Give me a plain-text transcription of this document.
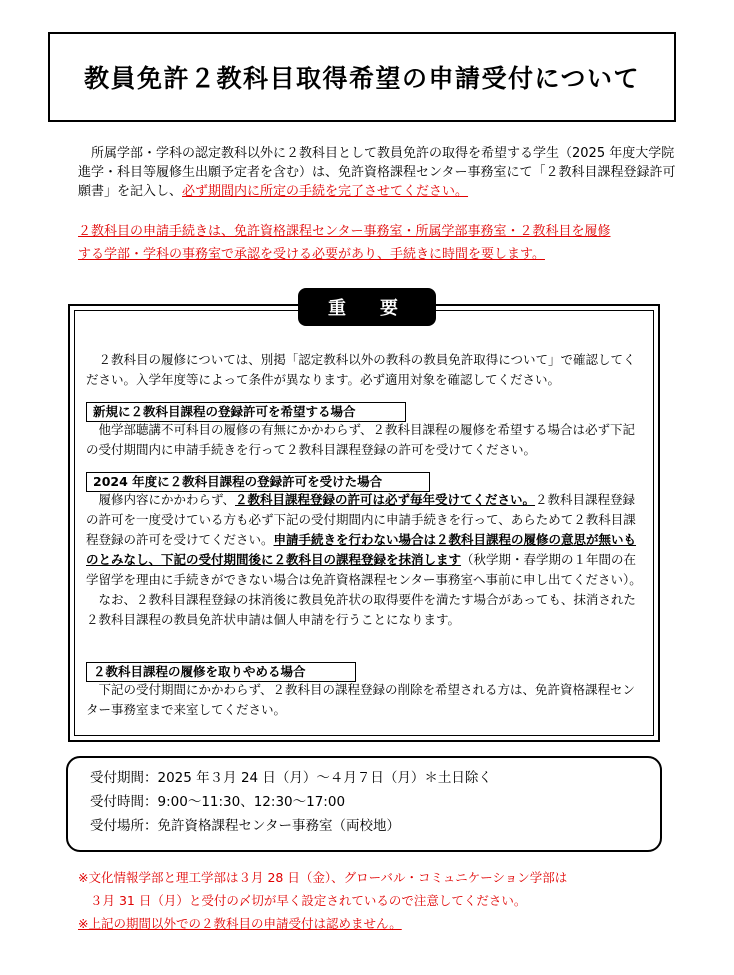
教員免許２教科目取得希望の申請受付について
　所属学部・学科の認定教科以外に２教科目として教員免許の取得を希望する学生（2025 年度大学院進学・科目等履修生出願予定者を含む）は、免許資格課程センター事務室にて「２教科目課程登録許可願書」を記入し、必ず期間内に所定の手続を完了させてください。
２教科目の申請手続きは、免許資格課程センター事務室・所属学部事務室・２教科目を履修
する学部・学科の事務室で承認を受ける必要があり、手続きに時間を要します。
重　要
　２教科目の履修については、別掲「認定教科以外の教科の教員免許取得について」で確認してください。入学年度等によって条件が異なります。必ず適用対象を確認してください。
新規に２教科目課程の登録許可を希望する場合
　他学部聴講不可科目の履修の有無にかかわらず、２教科目課程の履修を希望する場合は必ず下記の受付期間内に申請手続きを行って２教科目課程登録の許可を受けてください。
2024 年度に２教科目課程の登録許可を受けた場合
　履修内容にかかわらず、２教科目課程登録の許可は必ず毎年受けてください。２教科目課程登録の許可を一度受けている方も必ず下記の受付期間内に申請手続きを行って、あらためて２教科目課程登録の許可を受けてください。申請手続きを行わない場合は２教科目課程の履修の意思が無いものとみなし、下記の受付期間後に２教科目の課程登録を抹消します（秋学期・春学期の１年間の在学留学を理由に手続きができない場合は免許資格課程センター事務室へ事前に申し出てください）。
　なお、２教科目課程登録の抹消後に教員免許状の取得要件を満たす場合があっても、抹消された２教科目課程の教員免許状申請は個人申請を行うことになります。
２教科目課程の履修を取りやめる場合
　下記の受付期間にかかわらず、２教科目の課程登録の削除を希望される方は、免許資格課程センター事務室まで来室してください。
受付期間：2025 年３月 24 日（月）～４月７日（月）＊土日除く
受付時間：9:00～11:30、12:30～17:00
受付場所：免許資格課程センター事務室（両校地）
※文化情報学部と理工学部は３月 28 日（金）、グローバル・コミュニケーション学部は
３月 31 日（月）と受付の〆切が早く設定されているので注意してください。
※上記の期間以外での２教科目の申請受付は認めません。
